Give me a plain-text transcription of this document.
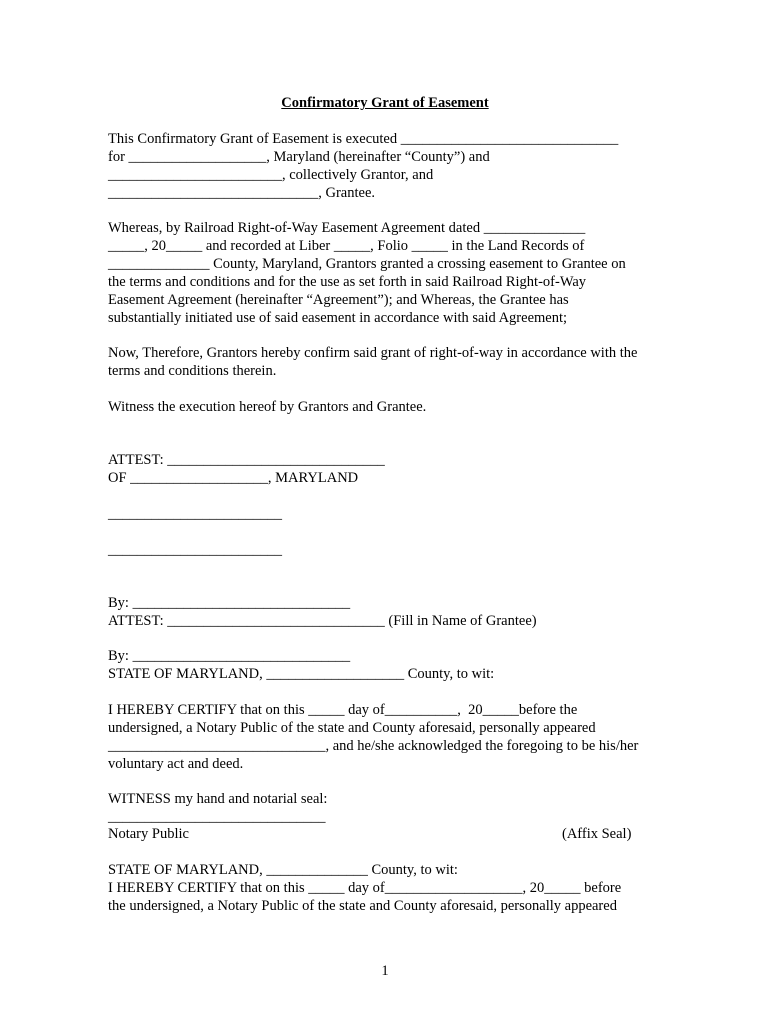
Confirmatory Grant of Easement
This Confirmatory Grant of Easement is executed ______________________________
for ___________________, Maryland (hereinafter “County”) and
________________________, collectively Grantor, and
_____________________________, Grantee.
Whereas, by Railroad Right-of-Way Easement Agreement dated ______________
_____, 20_____ and recorded at Liber _____, Folio _____ in the Land Records of
______________ County, Maryland, Grantors granted a crossing easement to Grantee on
the terms and conditions and for the use as set forth in said Railroad Right-of-Way
Easement Agreement (hereinafter “Agreement”); and Whereas, the Grantee has
substantially initiated use of said easement in accordance with said Agreement;
Now, Therefore, Grantors hereby confirm said grant of right-of-way in accordance with the
terms and conditions therein.
Witness the execution hereof by Grantors and Grantee.
ATTEST: ______________________________
OF ___________________, MARYLAND
________________________
________________________
By: ______________________________
ATTEST: ______________________________ (Fill in Name of Grantee)
By: ______________________________
STATE OF MARYLAND, ___________________ County, to wit:
I HEREBY CERTIFY that on this _____ day of__________,  20_____before the
undersigned, a Notary Public of the state and County aforesaid, personally appeared
______________________________, and he/she acknowledged the foregoing to be his/her
voluntary act and deed.
WITNESS my hand and notarial seal:
______________________________
Notary Public	(Affix Seal)
STATE OF MARYLAND, ______________ County, to wit:
I HEREBY CERTIFY that on this _____ day of___________________, 20_____ before
the undersigned, a Notary Public of the state and County aforesaid, personally appeared
1
